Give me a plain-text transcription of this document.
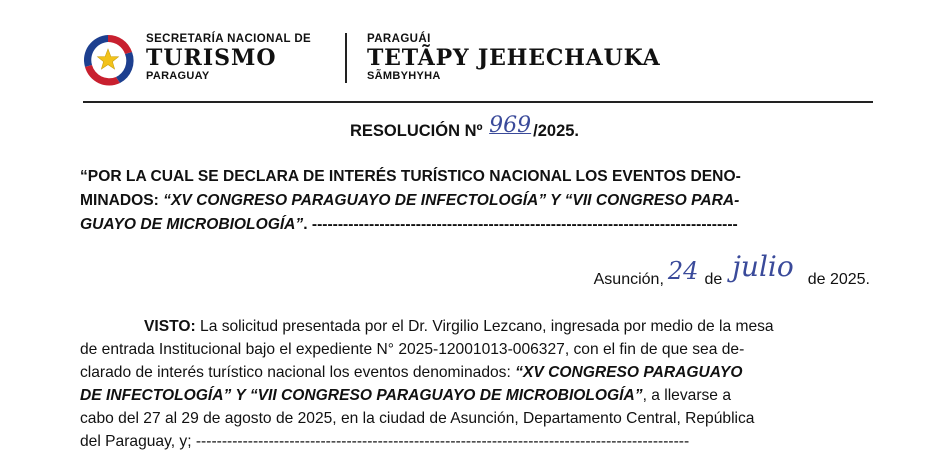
SECRETARÍA NACIONAL DE
TURISMO
PARAGUAY
PARAGUÁI
TETÃPY JEHECHAUKA
SÃMBYHYHA
RESOLUCIÓN Nº 969 /2025.
“POR LA CUAL SE DECLARA DE INTERÉS TURÍSTICO NACIONAL LOS EVENTOS DENO-
MINADOS: “XV CONGRESO PARAGUAYO DE INFECTOLOGÍA” Y “VII CONGRESO PARA-
GUAYO DE MICROBIOLOGÍA”. ----------------------------------------------------------------------------------
Asunción, 24 de julio de 2025.
VISTO: La solicitud presentada por el Dr. Virgilio Lezcano, ingresada por medio de la mesa
de entrada Institucional bajo el expediente N° 2025-12001013-006327, con el fin de que sea de-
clarado de interés turístico nacional los eventos denominados: “XV CONGRESO PARAGUAYO
DE INFECTOLOGÍA” Y “VII CONGRESO PARAGUAYO DE MICROBIOLOGÍA”, a llevarse a
cabo del 27 al 29 de agosto de 2025, en la ciudad de Asunción, Departamento Central, República
del Paraguay, y; -----------------------------------------------------------------------------------------------
